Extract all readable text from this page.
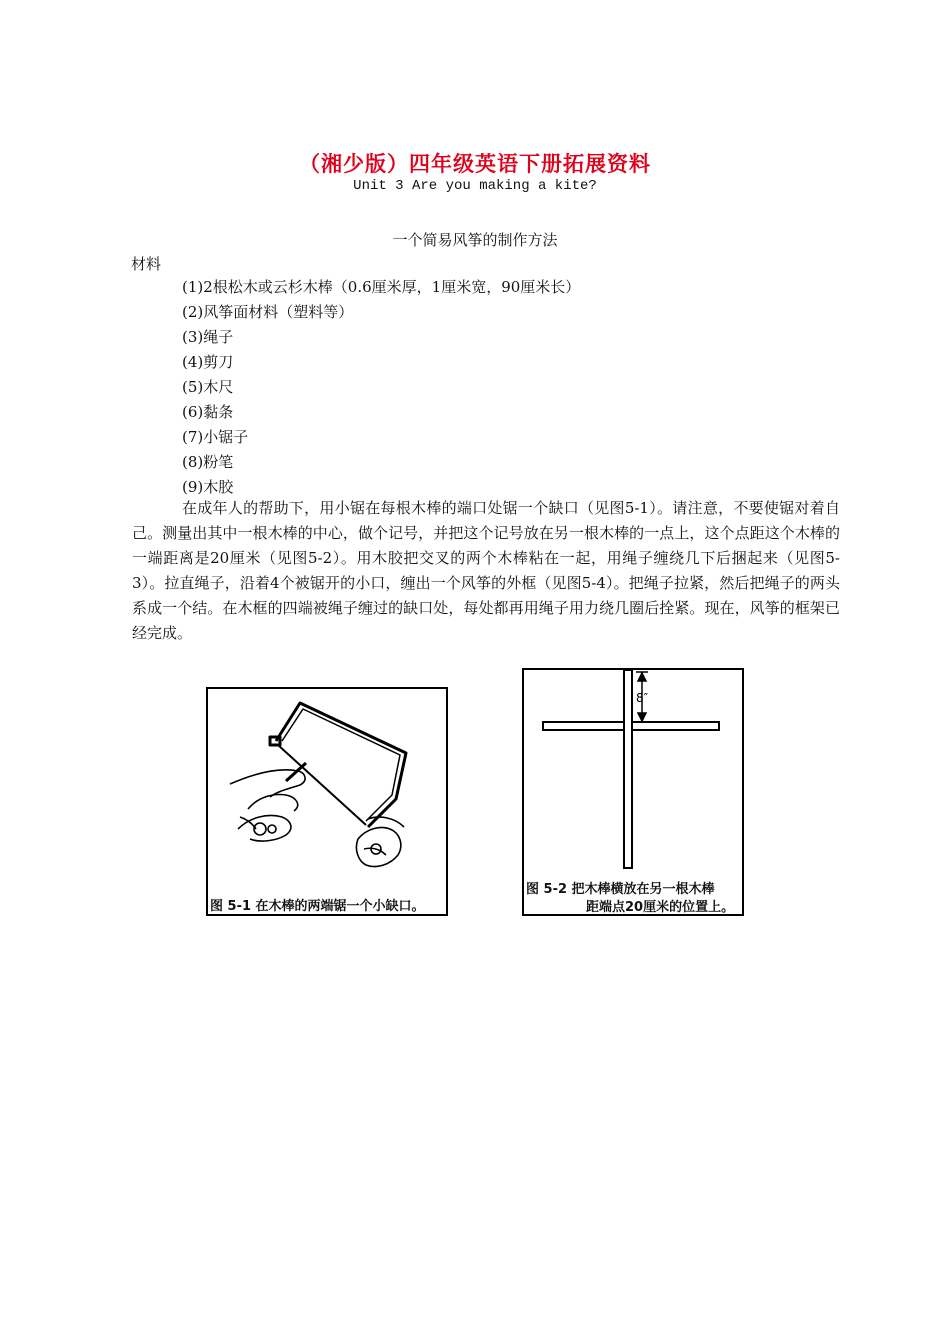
（湘少版）四年级英语下册拓展资料
Unit 3 Are you making a kite?
一个简易风筝的制作方法
材料
(1)2根松木或云杉木棒（0.6厘米厚，1厘米宽，90厘米长）
(2)风筝面材料（塑料等）
(3)绳子
(4)剪刀
(5)木尺
(6)黏条
(7)小锯子
(8)粉笔
(9)木胶

在成年人的帮助下，用小锯在每根木棒的端口处锯一个缺口（见图5-1）。请注意，不要使锯对着自己。测量出其中一根木棒的中心，做个记号，并把这个记号放在另一根木棒的一点上，这个点距这个木棒的一端距离是20厘米（见图5-2）。用木胶把交叉的两个木棒粘在一起，用绳子缠绕几下后捆起来（见图5-3）。拉直绳子，沿着4个被锯开的小口，缠出一个风筝的外框（见图5-4）。把绳子拉紧，然后把绳子的两头系成一个结。在木框的四端被绳子缠过的缺口处，每处都再用绳子用力绕几圈后拴紧。现在，风筝的框架已经完成。

图 5-1 在木棒的两端锯一个小缺口。
8″
图 5-2 把木棒横放在另一根木棒
距端点20厘米的位置上。
